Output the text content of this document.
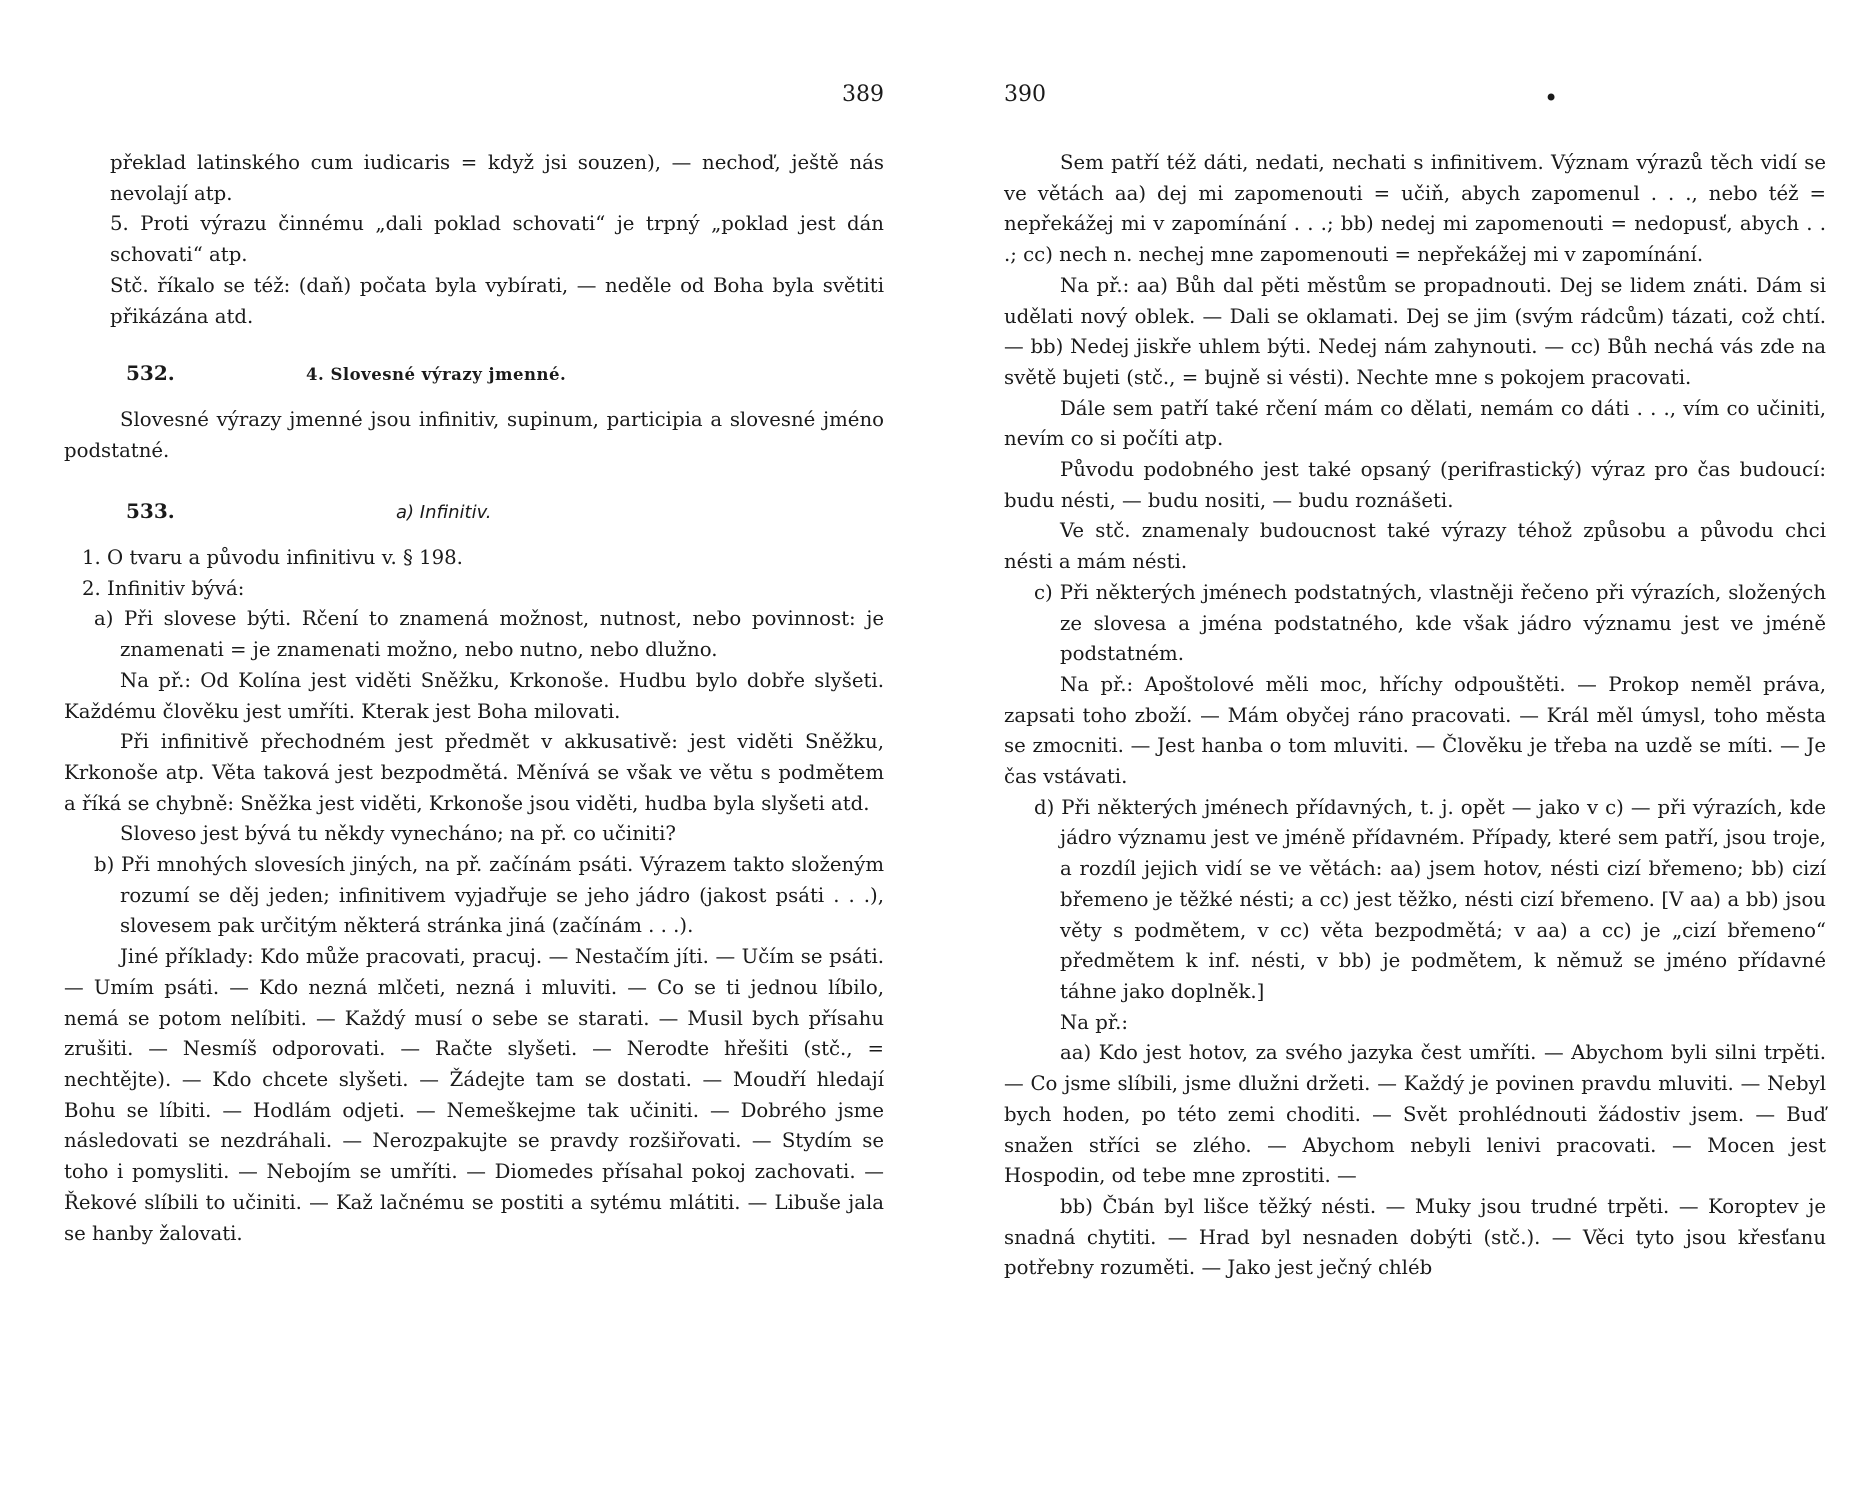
389

překlad latinského cum iudicaris = když jsi souzen), — nechoď, ještě nás nevolají atp.

5. Proti výrazu činnému „dali poklad schovati“ je trpný „poklad jest dán schovati“ atp.

Stč. říkalo se též: (daň) počata byla vybírati, — neděle od Boha byla světiti přikázána atd.

532.	4. Slovesné výrazy jmenné.

Slovesné výrazy jmenné jsou infinitiv, supinum, participia a slovesné jméno podstatné.

533.	a) Infinitiv.

1. O tvaru a původu infinitivu v. § 198.

2. Infinitiv bývá:

a) Při slovese býti. Rčení to znamená možnost, nutnost, nebo povinnost: je znamenati = je znamenati možno, nebo nutno, nebo dlužno.

Na př.: Od Kolína jest viděti Sněžku, Krkonoše. Hudbu bylo dobře slyšeti. Každému člověku jest umříti. Kterak jest Boha milovati.

Při infinitivě přechodném jest předmět v akkusativě: jest viděti Sněžku, Krkonoše atp. Věta taková jest bezpodmětá. Měnívá se však ve větu s podmětem a říká se chybně: Sněžka jest viděti, Krkonoše jsou viděti, hudba byla slyšeti atd.

Sloveso jest bývá tu někdy vynecháno; na př. co učiniti?

b) Při mnohých slovesích jiných, na př. začínám psáti. Výrazem takto složeným rozumí se děj jeden; infinitivem vyjadřuje se jeho jádro (jakost psáti . . .), slovesem pak určitým některá stránka jiná (začínám . . .).

Jiné příklady: Kdo může pracovati, pracuj. — Nestačím jíti. — Učím se psáti. — Umím psáti. — Kdo nezná mlčeti, nezná i mluviti. — Co se ti jednou líbilo, nemá se potom nelíbiti. — Každý musí o sebe se starati. — Musil bych přísahu zrušiti. — Nesmíš odporovati. — Račte slyšeti. — Nerodte hřešiti (stč., = nechtějte). — Kdo chcete slyšeti. — Žádejte tam se dostati. — Moudří hledají Bohu se líbiti. — Hodlám odjeti. — Nemeškejme tak učiniti. — Dobrého jsme následovati se nezdráhali. — Nerozpakujte se pravdy rozšiřovati. — Stydím se toho i pomysliti. — Nebojím se umříti. — Diomedes přísahal pokoj zachovati. — Řekové slíbili to učiniti. — Kaž lačnému se postiti a sytému mlátiti. — Libuše jala se hanby žalovati.

390	•

Sem patří též dáti, nedati, nechati s infinitivem. Význam výrazů těch vidí se ve větách aa) dej mi zapomenouti = učiň, abych zapomenul . . ., nebo též = nepřekážej mi v zapomínání . . .; bb) nedej mi zapomenouti = nedopusť, abych . . .; cc) nech n. nechej mne zapomenouti = nepřekážej mi v zapomínání.

Na př.: aa) Bůh dal pěti městům se propadnouti. Dej se lidem znáti. Dám si udělati nový oblek. — Dali se oklamati. Dej se jim (svým rádcům) tázati, což chtí. — bb) Nedej jiskře uhlem býti. Nedej nám zahynouti. — cc) Bůh nechá vás zde na světě bujeti (stč., = bujně si vésti). Nechte mne s pokojem pracovati.

Dále sem patří také rčení mám co dělati, nemám co dáti . . ., vím co učiniti, nevím co si počíti atp.

Původu podobného jest také opsaný (perifrastický) výraz pro čas budoucí: budu nésti, — budu nositi, — budu roznášeti.

Ve stč. znamenaly budoucnost také výrazy téhož způsobu a původu chci nésti a mám nésti.

c) Při některých jménech podstatných, vlastněji řečeno při výrazích, složených ze slovesa a jména podstatného, kde však jádro významu jest ve jméně podstatném.

Na př.: Apoštolové měli moc, hříchy odpouštěti. — Prokop neměl práva, zapsati toho zboží. — Mám obyčej ráno pracovati. — Král měl úmysl, toho města se zmocniti. — Jest hanba o tom mluviti. — Člověku je třeba na uzdě se míti. — Je čas vstávati.

d) Při některých jménech přídavných, t. j. opět — jako v c) — při výrazích, kde jádro významu jest ve jméně přídavném. Případy, které sem patří, jsou troje, a rozdíl jejich vidí se ve větách: aa) jsem hotov, nésti cizí břemeno; bb) cizí břemeno je těžké nésti; a cc) jest těžko, nésti cizí břemeno. [V aa) a bb) jsou věty s podmětem, v cc) věta bezpodmětá; v aa) a cc) je „cizí břemeno“ předmětem k inf. nésti, v bb) je podmětem, k němuž se jméno přídavné táhne jako doplněk.]

Na př.:

aa) Kdo jest hotov, za svého jazyka čest umříti. — Abychom byli silni trpěti. — Co jsme slíbili, jsme dlužni držeti. — Každý je povinen pravdu mluviti. — Nebyl bych hoden, po této zemi choditi. — Svět prohlédnouti žádostiv jsem. — Buď snažen stříci se zlého. — Abychom nebyli lenivi pracovati. — Mocen jest Hospodin, od tebe mne zprostiti. —

bb) Čbán byl lišce těžký nésti. — Muky jsou trudné trpěti. — Koroptev je snadná chytiti. — Hrad byl nesnaden dobýti (stč.). — Věci tyto jsou křesťanu potřebny rozuměti. — Jako jest ječný chléb
